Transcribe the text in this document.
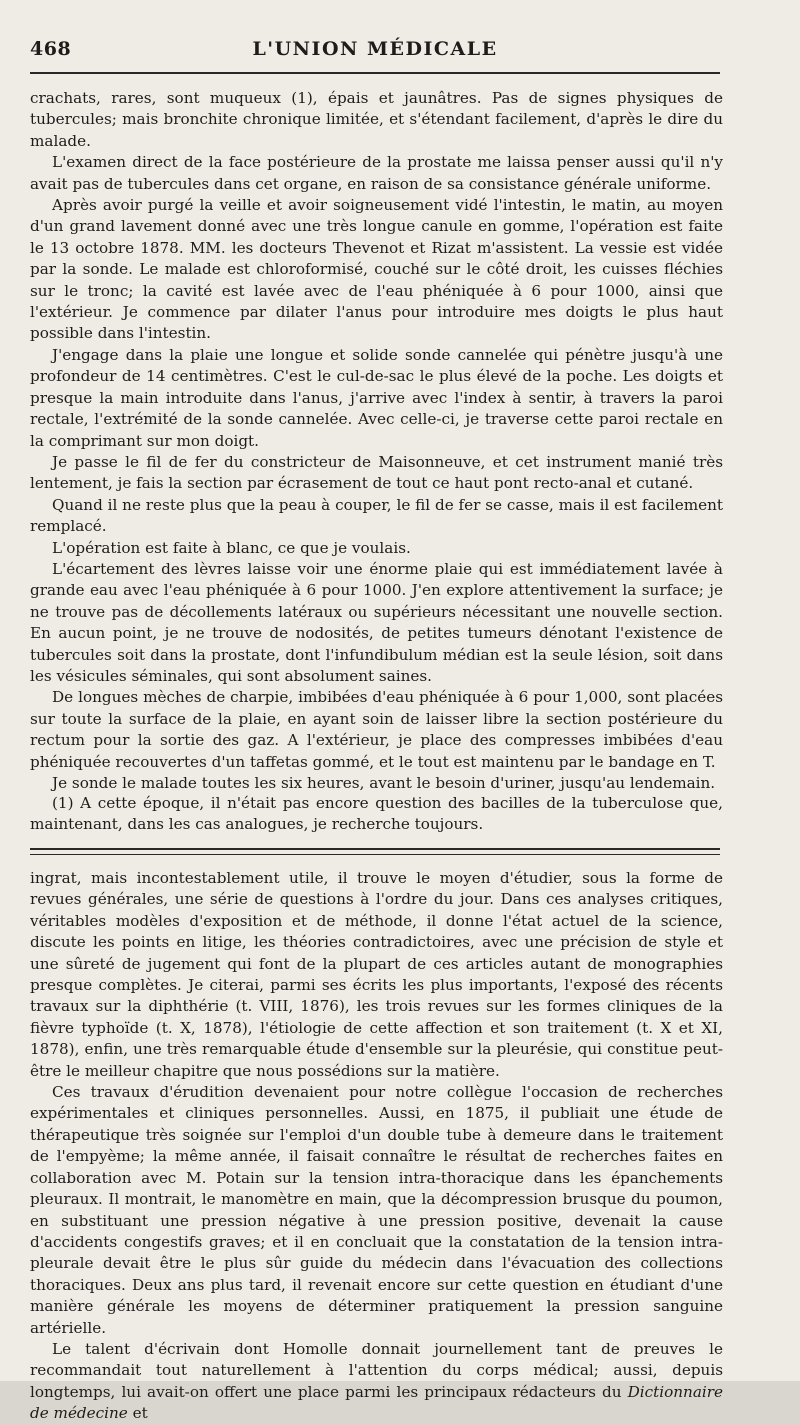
468	L'UNION MÉDICALE

crachats, rares, sont muqueux (1), épais et jaunâtres. Pas de signes physiques de tubercules; mais bronchite chronique limitée, et s'étendant facilement, d'après le dire du malade.

L'examen direct de la face postérieure de la prostate me laissa penser aussi qu'il n'y avait pas de tubercules dans cet organe, en raison de sa consistance générale uniforme.

Après avoir purgé la veille et avoir soigneusement vidé l'intestin, le matin, au moyen d'un grand lavement donné avec une très longue canule en gomme, l'opération est faite le 13 octobre 1878. MM. les docteurs Thevenot et Rizat m'assistent. La vessie est vidée par la sonde. Le malade est chloroformisé, couché sur le côté droit, les cuisses fléchies sur le tronc; la cavité est lavée avec de l'eau phéniquée à 6 pour 1000, ainsi que l'extérieur. Je commence par dilater l'anus pour introduire mes doigts le plus haut possible dans l'intestin.

J'engage dans la plaie une longue et solide sonde cannelée qui pénètre jusqu'à une profondeur de 14 centimètres. C'est le cul-de-sac le plus élevé de la poche. Les doigts et presque la main introduite dans l'anus, j'arrive avec l'index à sentir, à travers la paroi rectale, l'extrémité de la sonde cannelée. Avec celle-ci, je traverse cette paroi rectale en la comprimant sur mon doigt.

Je passe le fil de fer du constricteur de Maisonneuve, et cet instrument manié très lentement, je fais la section par écrasement de tout ce haut pont recto-anal et cutané.

Quand il ne reste plus que la peau à couper, le fil de fer se casse, mais il est facilement remplacé.

L'opération est faite à blanc, ce que je voulais.

L'écartement des lèvres laisse voir une énorme plaie qui est immédiatement lavée à grande eau avec l'eau phéniquée à 6 pour 1000. J'en explore attentivement la surface; je ne trouve pas de décollements latéraux ou supérieurs nécessitant une nouvelle section. En aucun point, je ne trouve de nodosités, de petites tumeurs dénotant l'existence de tubercules soit dans la prostate, dont l'infundibulum médian est la seule lésion, soit dans les vésicules séminales, qui sont absolument saines.

De longues mèches de charpie, imbibées d'eau phéniquée à 6 pour 1,000, sont placées sur toute la surface de la plaie, en ayant soin de laisser libre la section postérieure du rectum pour la sortie des gaz. A l'extérieur, je place des compresses imbibées d'eau phéniquée recouvertes d'un taffetas gommé, et le tout est maintenu par le bandage en T.

Je sonde le malade toutes les six heures, avant le besoin d'uriner, jusqu'au lendemain.

(1) A cette époque, il n'était pas encore question des bacilles de la tuberculose que, maintenant, dans les cas analogues, je recherche toujours.

ingrat, mais incontestablement utile, il trouve le moyen d'étudier, sous la forme de revues générales, une série de questions à l'ordre du jour. Dans ces analyses critiques, véritables modèles d'exposition et de méthode, il donne l'état actuel de la science, discute les points en litige, les théories contradictoires, avec une précision de style et une sûreté de jugement qui font de la plupart de ces articles autant de monographies presque complètes. Je citerai, parmi ses écrits les plus importants, l'exposé des récents travaux sur la diphthérie (t. VIII, 1876), les trois revues sur les formes cliniques de la fièvre typhoïde (t. X, 1878), l'étiologie de cette affection et son traitement (t. X et XI, 1878), enfin, une très remarquable étude d'ensemble sur la pleurésie, qui constitue peut-être le meilleur chapitre que nous possédions sur la matière.

Ces travaux d'érudition devenaient pour notre collègue l'occasion de recherches expérimentales et cliniques personnelles. Aussi, en 1875, il publiait une étude de thérapeutique très soignée sur l'emploi d'un double tube à demeure dans le traitement de l'empyème; la même année, il faisait connaître le résultat de recherches faites en collaboration avec M. Potain sur la tension intra-thoracique dans les épanchements pleuraux. Il montrait, le manomètre en main, que la décompression brusque du poumon, en substituant une pression négative à une pression positive, devenait la cause d'accidents congestifs graves; et il en concluait que la constatation de la tension intra-pleurale devait être le plus sûr guide du médecin dans l'évacuation des collections thoraciques. Deux ans plus tard, il revenait encore sur cette question en étudiant d'une manière générale les moyens de déterminer pratiquement la pression sanguine artérielle.

Le talent d'écrivain dont Homolle donnait journellement tant de preuves le recommandait tout naturellement à l'attention du corps médical; aussi, depuis longtemps, lui avait-on offert une place parmi les principaux rédacteurs du Dictionnaire de médecine et
